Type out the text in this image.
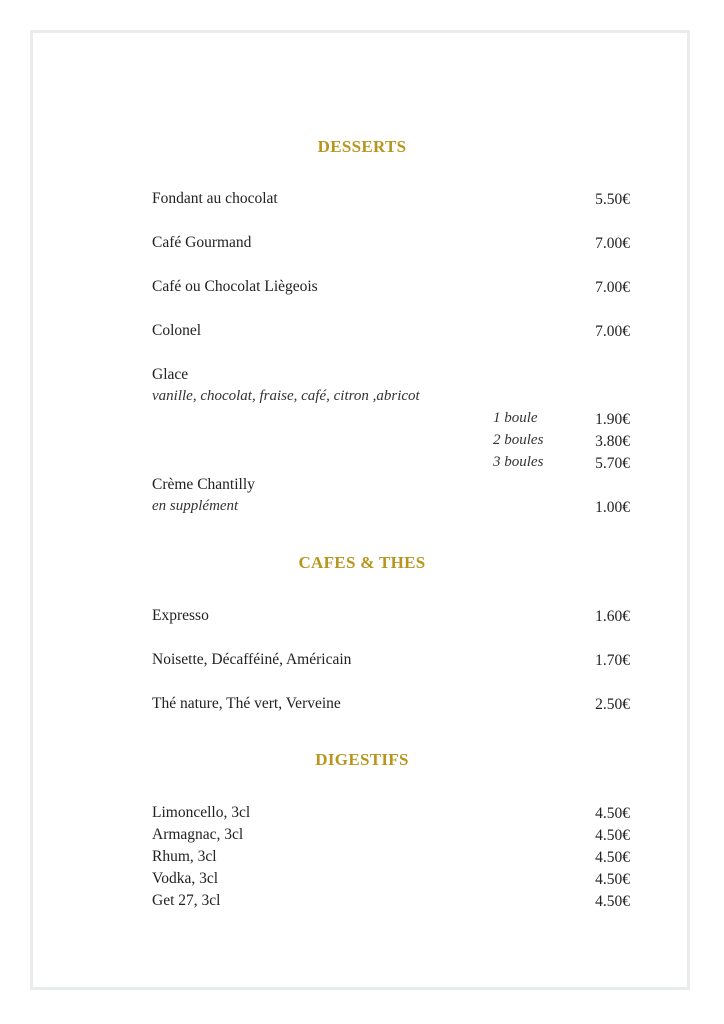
DESSERTS
Fondant au chocolat	5.50€
Café Gourmand	7.00€
Café ou Chocolat Liègeois	7.00€
Colonel	7.00€
Glace
vanille, chocolat, fraise, café, citron ,abricot
1 boule	1.90€
2 boules	3.80€
3 boules	5.70€
Crème Chantilly
en supplément	1.00€
CAFES & THES
Expresso	1.60€
Noisette, Décafféiné, Américain	1.70€
Thé nature, Thé vert, Verveine	2.50€
DIGESTIFS
Limoncello, 3cl	4.50€
Armagnac, 3cl	4.50€
Rhum, 3cl	4.50€
Vodka, 3cl	4.50€
Get 27, 3cl	4.50€
